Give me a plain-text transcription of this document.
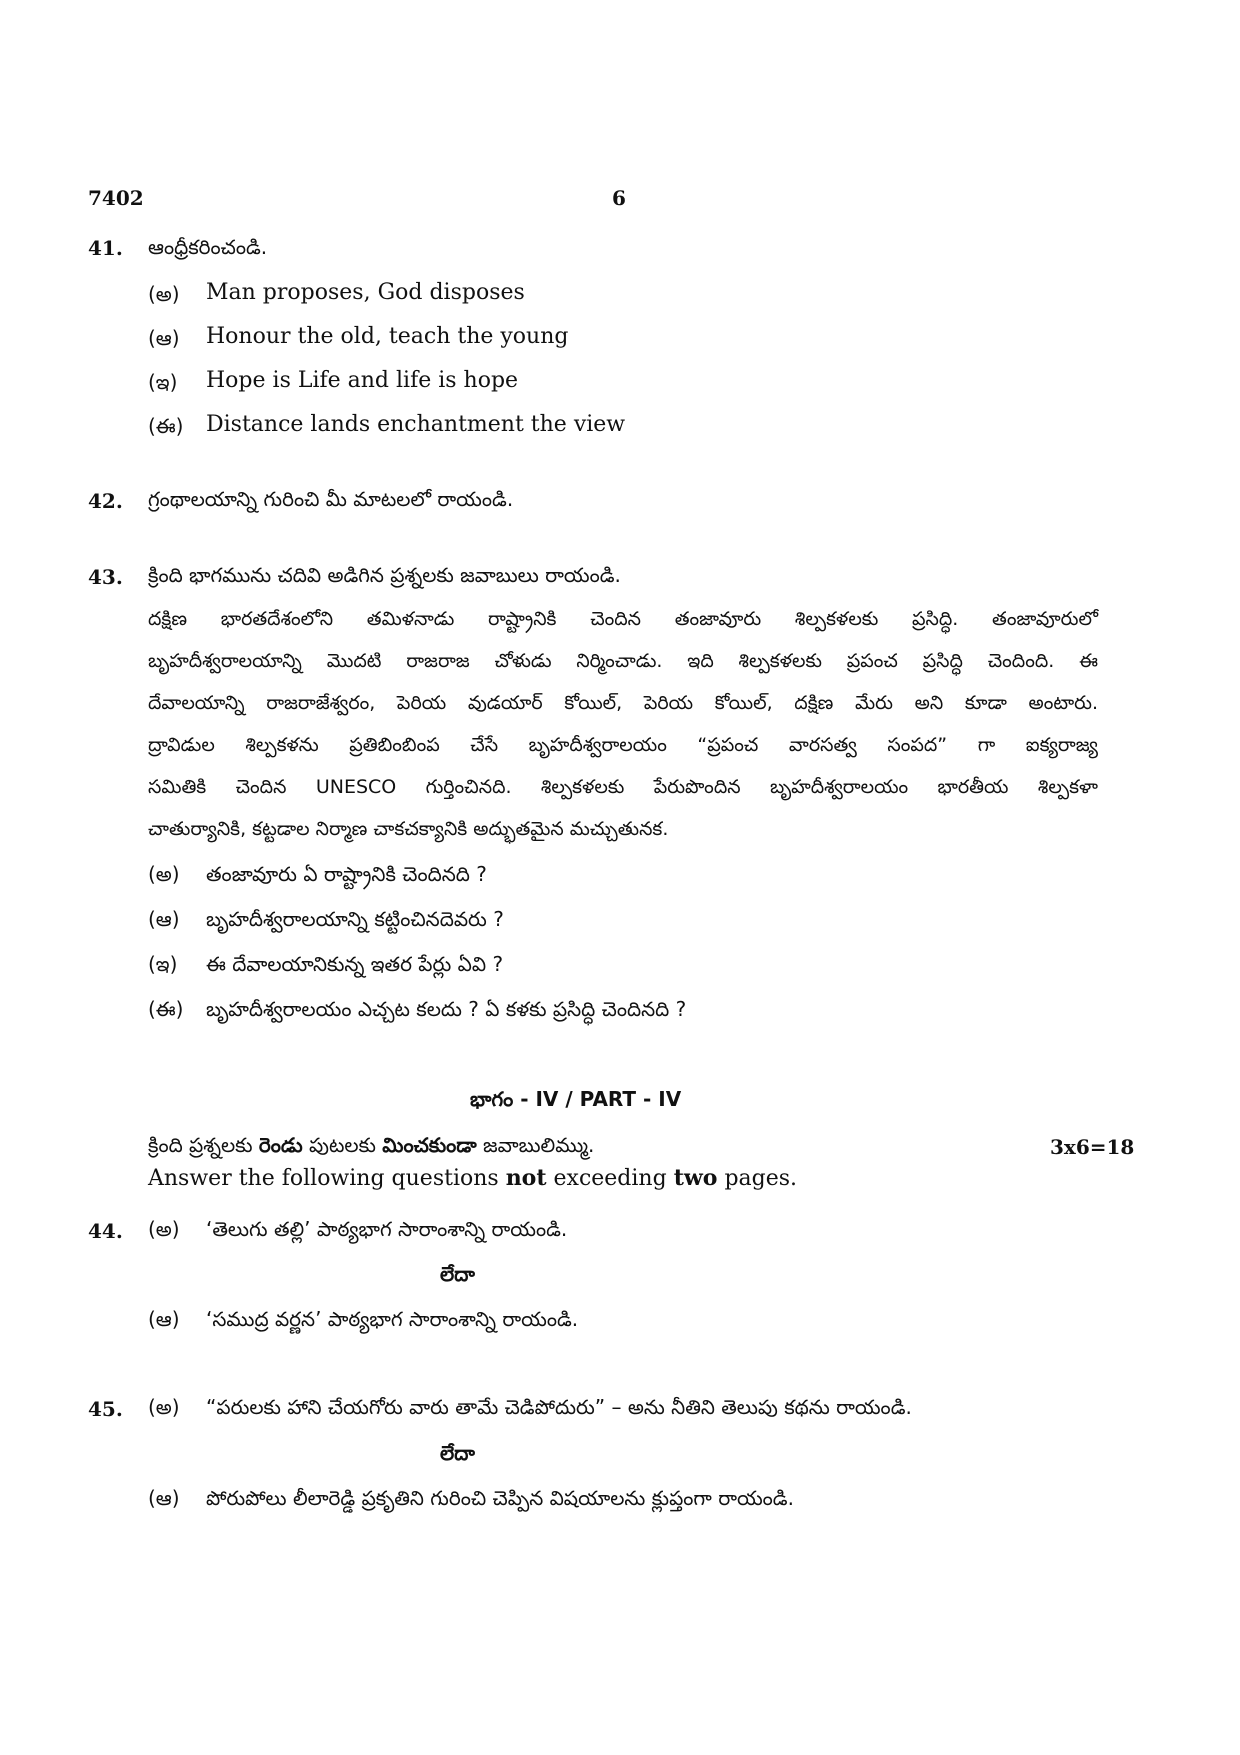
7402	6
41. ఆంధ్రీకరించండి.
(అ) Man proposes, God disposes
(ఆ) Honour the old, teach the young
(ఇ) Hope is Life and life is hope
(ఈ) Distance lands enchantment the view
42. గ్రంథాలయాన్ని గురించి మీ మాటలలో రాయండి.
43. క్రింది భాగమును చదివి అడిగిన ప్రశ్నలకు జవాబులు రాయండి.
దక్షిణ భారతదేశంలోని తమిళనాడు రాష్ట్రానికి చెందిన తంజావూరు శిల్పకళలకు ప్రసిద్ధి. తంజావూరులో
బృహదీశ్వరాలయాన్ని మొదటి రాజరాజ చోళుడు నిర్మించాడు. ఇది శిల్పకళలకు ప్రపంచ ప్రసిద్ధి చెందింది. ఈ
దేవాలయాన్ని రాజరాజేశ్వరం, పెరియ వుడయార్ కోయిల్, పెరియ కోయిల్, దక్షిణ మేరు అని కూడా అంటారు.
ద్రావిడుల శిల్పకళను ప్రతిబింబింప చేసే బృహదీశ్వరాలయం “ప్రపంచ వారసత్వ సంపద” గా ఐక్యరాజ్య
సమితికి చెందిన UNESCO గుర్తించినది. శిల్పకళలకు పేరుపొందిన బృహదీశ్వరాలయం భారతీయ శిల్పకళా
చాతుర్యానికి, కట్టడాల నిర్మాణ చాకచక్యానికి అద్భుతమైన మచ్చుతునక.
(అ) తంజావూరు ఏ రాష్ట్రానికి చెందినది ?
(ఆ) బృహదీశ్వరాలయాన్ని కట్టించినదెవరు ?
(ఇ) ఈ దేవాలయానికున్న ఇతర పేర్లు ఏవి ?
(ఈ) బృహదీశ్వరాలయం ఎచ్చట కలదు ? ఏ కళకు ప్రసిద్ధి చెందినది ?
భాగం - IV / PART - IV
క్రింది ప్రశ్నలకు రెండు పుటలకు మించకుండా జవాబులిమ్ము.	3x6=18
Answer the following questions not exceeding two pages.
44. (అ) ‘తెలుగు తల్లి’ పాఠ్యభాగ సారాంశాన్ని రాయండి.
లేదా
(ఆ) ‘సముద్ర వర్ణన’ పాఠ్యభాగ సారాంశాన్ని రాయండి.
45. (అ) “పరులకు హాని చేయగోరు వారు తామే చెడిపోదురు” – అను నీతిని తెలుపు కథను రాయండి.
లేదా
(ఆ) పోరుపోలు లీలారెడ్డి ప్రకృతిని గురించి చెప్పిన విషయాలను క్లుప్తంగా రాయండి.
